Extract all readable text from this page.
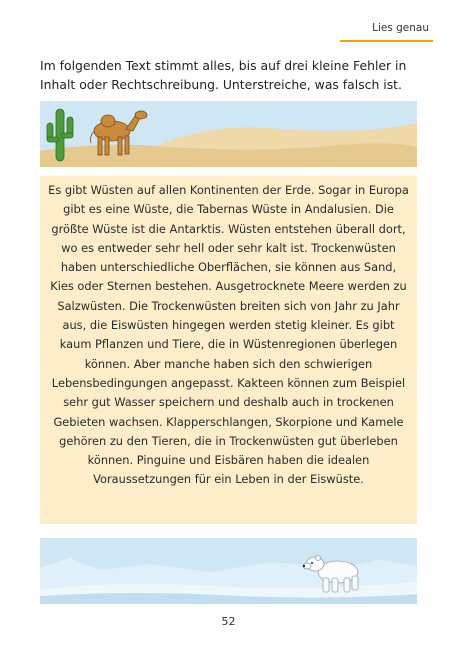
Lies genau
Im folgenden Text stimmt alles, bis auf drei kleine Fehler in Inhalt oder Rechtschreibung. Unterstreiche, was falsch ist.
Es gibt Wüsten auf allen Kontinenten der Erde. Sogar in Europa gibt es eine Wüste, die Tabernas Wüste in Andalusien. Die größte Wüste ist die Antarktis. Wüsten entstehen überall dort, wo es entweder sehr hell oder sehr kalt ist. Trockenwüsten haben unterschiedliche Oberflächen, sie können aus Sand, Kies oder Sternen bestehen. Ausgetrocknete Meere werden zu Salzwüsten. Die Trockenwüsten breiten sich von Jahr zu Jahr aus, die Eiswüsten hingegen werden stetig kleiner. Es gibt kaum Pflanzen und Tiere, die in Wüstenregionen überlegen können. Aber manche haben sich den schwierigen Lebensbedingungen angepasst. Kakteen können zum Beispiel sehr gut Wasser speichern und deshalb auch in trockenen Gebieten wachsen. Klapperschlangen, Skorpione und Kamele gehören zu den Tieren, die in Trockenwüsten gut überleben können. Pinguine und Eisbären haben die idealen Voraussetzungen für ein Leben in der Eiswüste.
52
